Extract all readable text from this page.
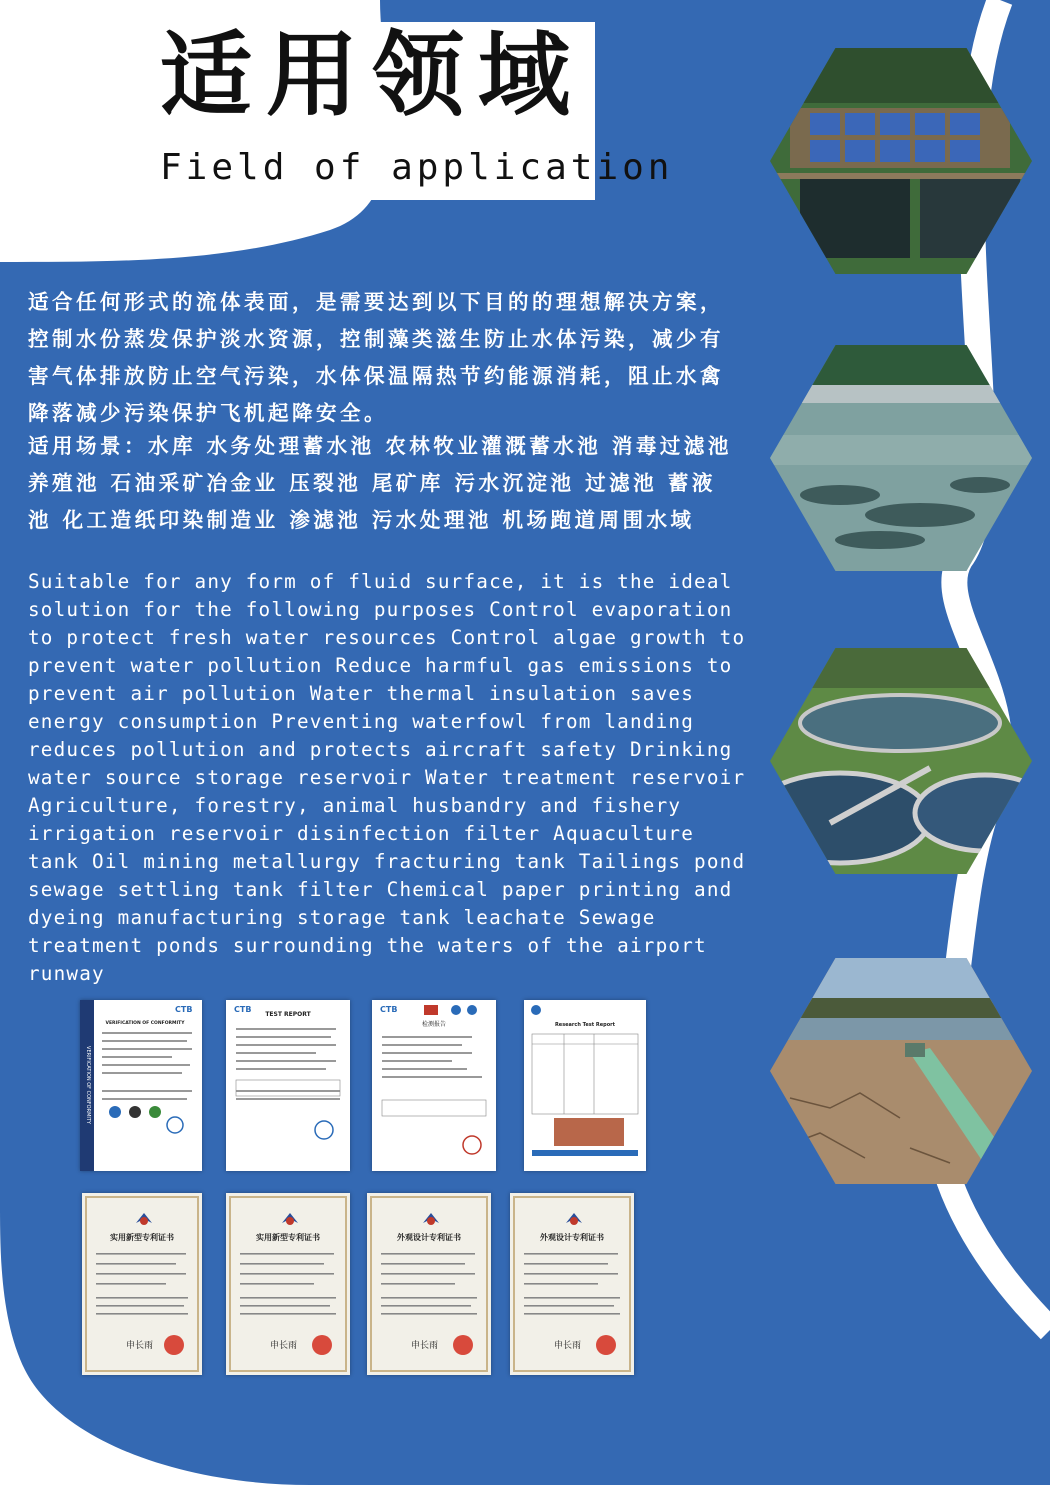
适用领域
Field of application

适合任何形式的流体表面，是需要达到以下目的的理想解决方案，控制水份蒸发保护淡水资源，控制藻类滋生防止水体污染，减少有害气体排放防止空气污染，水体保温隔热节约能源消耗，阻止水禽降落减少污染保护飞机起降安全。

适用场景：水库 水务处理蓄水池 农林牧业灌溉蓄水池 消毒过滤池 养殖池 石油采矿冶金业 压裂池 尾矿库 污水沉淀池 过滤池 蓄液池 化工造纸印染制造业 渗滤池 污水处理池 机场跑道周围水域

Suitable for any form of fluid surface, it is the ideal solution for the following purposes Control evaporation to protect fresh water resources Control algae growth to prevent water pollution Reduce harmful gas emissions to prevent air pollution Water thermal insulation saves energy consumption Preventing waterfowl from landing reduces pollution and protects aircraft safety Drinking water source storage reservoir Water treatment reservoir Agriculture, forestry, animal husbandry and fishery irrigation reservoir disinfection filter Aquaculture tank Oil mining metallurgy fracturing tank Tailings pond sewage settling tank filter Chemical paper printing and dyeing manufacturing storage tank leachate Sewage treatment ponds surrounding the waters of the airport runway

VERIFICATION OF CONFORMITY
CTB
VERIFICATION OF CONFORMITY
CTB
TEST REPORT
CTB
检测报告	Research Test Report
实用新型专利证书
申长雨
实用新型专利证书
申长雨
外观设计专利证书
申长雨
外观设计专利证书
申长雨
